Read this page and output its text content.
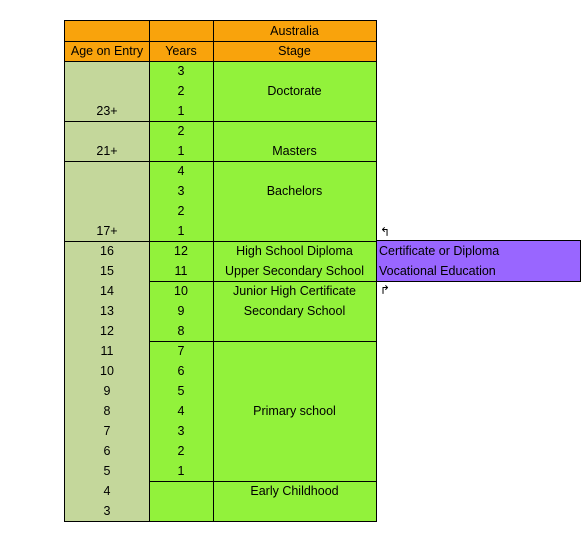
Australia
Age on Entry	Years	Stage
Certificate or Diploma
Vocational Education
23+
21+
17+
16
15
14
13
12
11
10
9
8
7
6
5
4
3
3
2
1
2
1
4
3
2
1
12
11
10
9
8
7
6
5
4
3
2
1
Doctorate
Masters
Bachelors
High School Diploma
Upper Secondary School
Junior High Certificate
Secondary School
Primary school
Early Childhood
↰
↱
